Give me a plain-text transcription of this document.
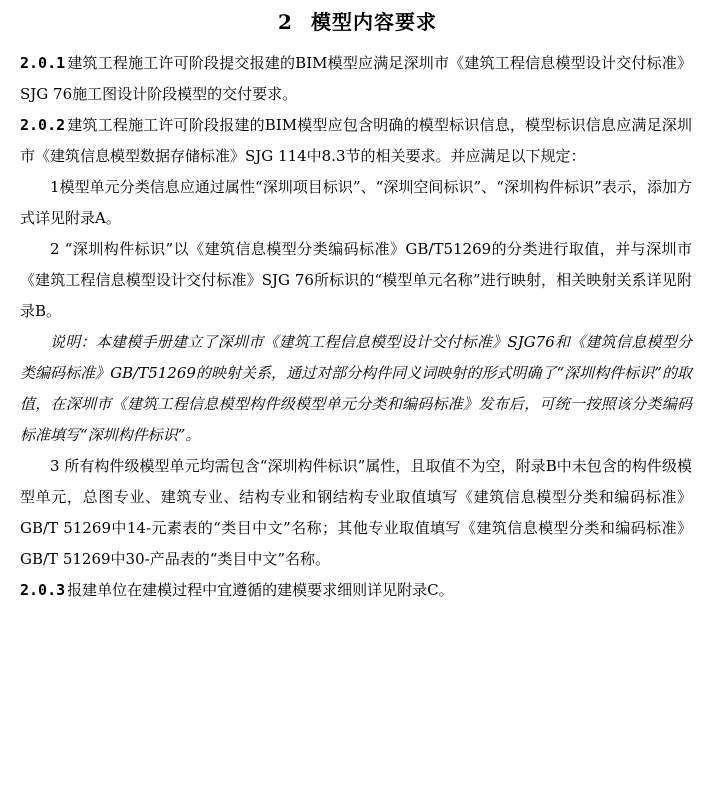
2 模型内容要求

2.0.1 建筑工程施工许可阶段提交报建的BIM模型应满足深圳市《建筑工程信息模型设计交付标准》SJG 76施工图设计阶段模型的交付要求。

2.0.2 建筑工程施工许可阶段报建的BIM模型应包含明确的模型标识信息，模型标识信息应满足深圳市《建筑信息模型数据存储标准》SJG 114中8.3节的相关要求。并应满足以下规定：

1模型单元分类信息应通过属性“深圳项目标识”、“深圳空间标识”、“深圳构件标识”表示，添加方式详见附录A。

2 “深圳构件标识”以《建筑信息模型分类编码标准》GB/T51269的分类进行取值，并与深圳市《建筑工程信息模型设计交付标准》SJG 76所标识的“模型单元名称”进行映射，相关映射关系详见附录B。

说明：本建模手册建立了深圳市《建筑工程信息模型设计交付标准》SJG76和《建筑信息模型分类编码标准》GB/T51269的映射关系，通过对部分构件同义词映射的形式明确了“深圳构件标识”的取值，在深圳市《建筑工程信息模型构件级模型单元分类和编码标准》发布后，可统一按照该分类编码标准填写“深圳构件标识”。

3 所有构件级模型单元均需包含“深圳构件标识”属性，且取值不为空，附录B中未包含的构件级模型单元，总图专业、建筑专业、结构专业和钢结构专业取值填写《建筑信息模型分类和编码标准》GB/T 51269中14-元素表的“类目中文”名称；其他专业取值填写《建筑信息模型分类和编码标准》GB/T 51269中30-产品表的“类目中文”名称。

2.0.3 报建单位在建模过程中宜遵循的建模要求细则详见附录C。
